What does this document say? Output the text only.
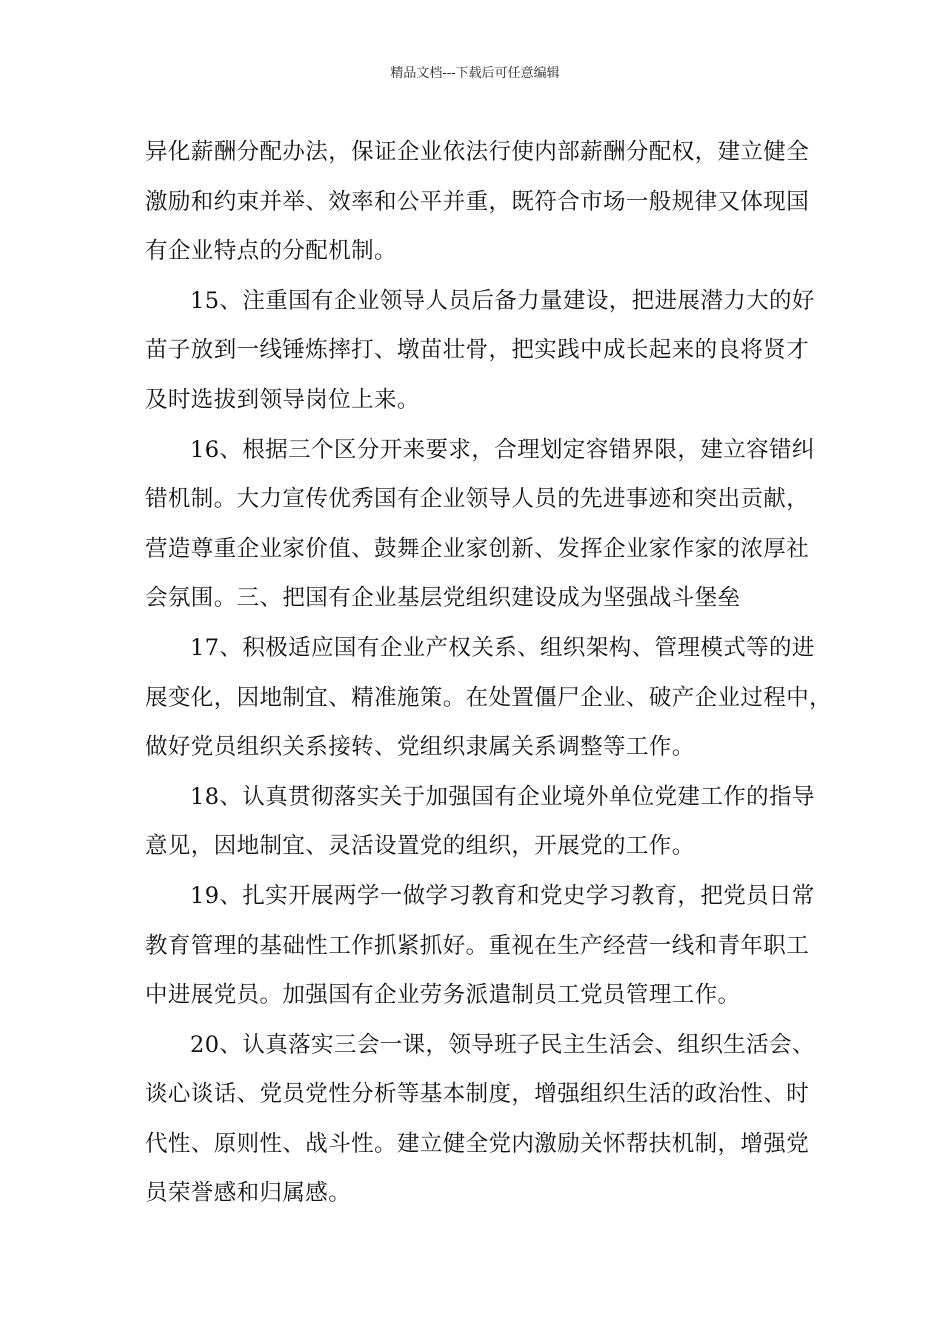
精品文档---下载后可任意编辑
异化薪酬分配办法，保证企业依法行使内部薪酬分配权，建立健全
激励和约束并举、效率和公平并重，既符合市场一般规律又体现国
有企业特点的分配机制。
15、注重国有企业领导人员后备力量建设，把进展潜力大的好
苗子放到一线锤炼摔打、墩苗壮骨，把实践中成长起来的良将贤才
及时选拔到领导岗位上来。
16、根据三个区分开来要求，合理划定容错界限，建立容错纠
错机制。大力宣传优秀国有企业领导人员的先进事迹和突出贡献，
营造尊重企业家价值、鼓舞企业家创新、发挥企业家作家的浓厚社
会氛围。三、把国有企业基层党组织建设成为坚强战斗堡垒
17、积极适应国有企业产权关系、组织架构、管理模式等的进
展变化，因地制宜、精准施策。在处置僵尸企业、破产企业过程中，
做好党员组织关系接转、党组织隶属关系调整等工作。
18、认真贯彻落实关于加强国有企业境外单位党建工作的指导
意见，因地制宜、灵活设置党的组织，开展党的工作。
19、扎实开展两学一做学习教育和党史学习教育，把党员日常
教育管理的基础性工作抓紧抓好。重视在生产经营一线和青年职工
中进展党员。加强国有企业劳务派遣制员工党员管理工作。
20、认真落实三会一课，领导班子民主生活会、组织生活会、
谈心谈话、党员党性分析等基本制度，增强组织生活的政治性、时
代性、原则性、战斗性。建立健全党内激励关怀帮扶机制，增强党
员荣誉感和归属感。
